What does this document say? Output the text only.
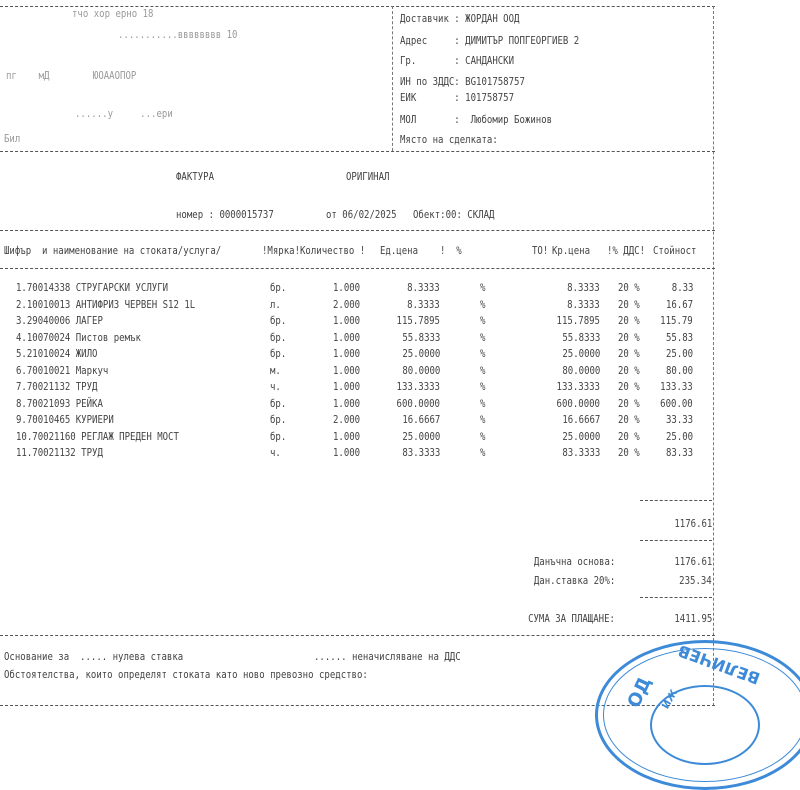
тчо хор ерно 18
...........вввввввв 10
пг    мД        ЮОААОПОР
......у     ...ери
Бил
Доставчик : ЖОРДАН ООД
Адрес     : ДИМИТЪР ПОПГЕОРГИЕВ 2
Гр.       : САНДАНСКИ
ИН по ЗДДС: BG101758757
ЕИК       : 101758757
МОЛ       :  Любомир Божинов
Място на сделката:
ФАКТУРА	ОРИГИНАЛ
номер : 0000015737	от 06/02/2025 Обект:00: СКЛАД
Шифър  и наименование на стоката/услуга/	!Мярка! Количество ! Ед.цена !  %	ТО! Кр.цена !% ДДС! Стойност
1.70014338 СТРУГАРСКИ УСЛУГИ	бр.	1.000	8.3333	%	8.3333 20 %	8.33
2.10010013 АНТИФРИЗ ЧЕРВЕН S12 1L	л.	2.000	8.3333	%	8.3333 20 % 16.67
3.29040006 ЛАГЕР	бр.	1.000	115.7895	%	115.7895 20 % 115.79
4.10070024 Пистов ремък	бр.	1.000	55.8333	%	55.8333 20 % 55.83
5.21010024 ЖИЛО	бр.	1.000	25.0000	%	25.0000 20 % 25.00
6.70010021 Маркуч	м.	1.000	80.0000	%	80.0000 20 % 80.00
7.70021132 ТРУД	ч.	1.000	133.3333	%	133.3333 20 % 133.33
8.70021093 РЕЙКА	бр.	1.000	600.0000	%	600.0000 20 % 600.00
9.70010465 КУРИЕРИ	бр.	2.000	16.6667	%	16.6667 20 % 33.33
10.70021160 РЕГЛАЖ ПРЕДЕН МОСТ	бр.	1.000	25.0000	%	25.0000 20 % 25.00
11.70021132 ТРУД	ч.	1.000	83.3333	%	83.3333 20 % 83.33
1176.61
Данъчна основа:	1176.61
Дан.ставка 20%:	235.34
СУМА ЗА ПЛАЩАНЕ:	1411.95
Основание за  ..... нулева ставка	...... неначисляване на ДДС
Обстоятелства, които определят стоката като ново превозно средство:	ВЕЛИЧЕВ
ОД ИЖ
